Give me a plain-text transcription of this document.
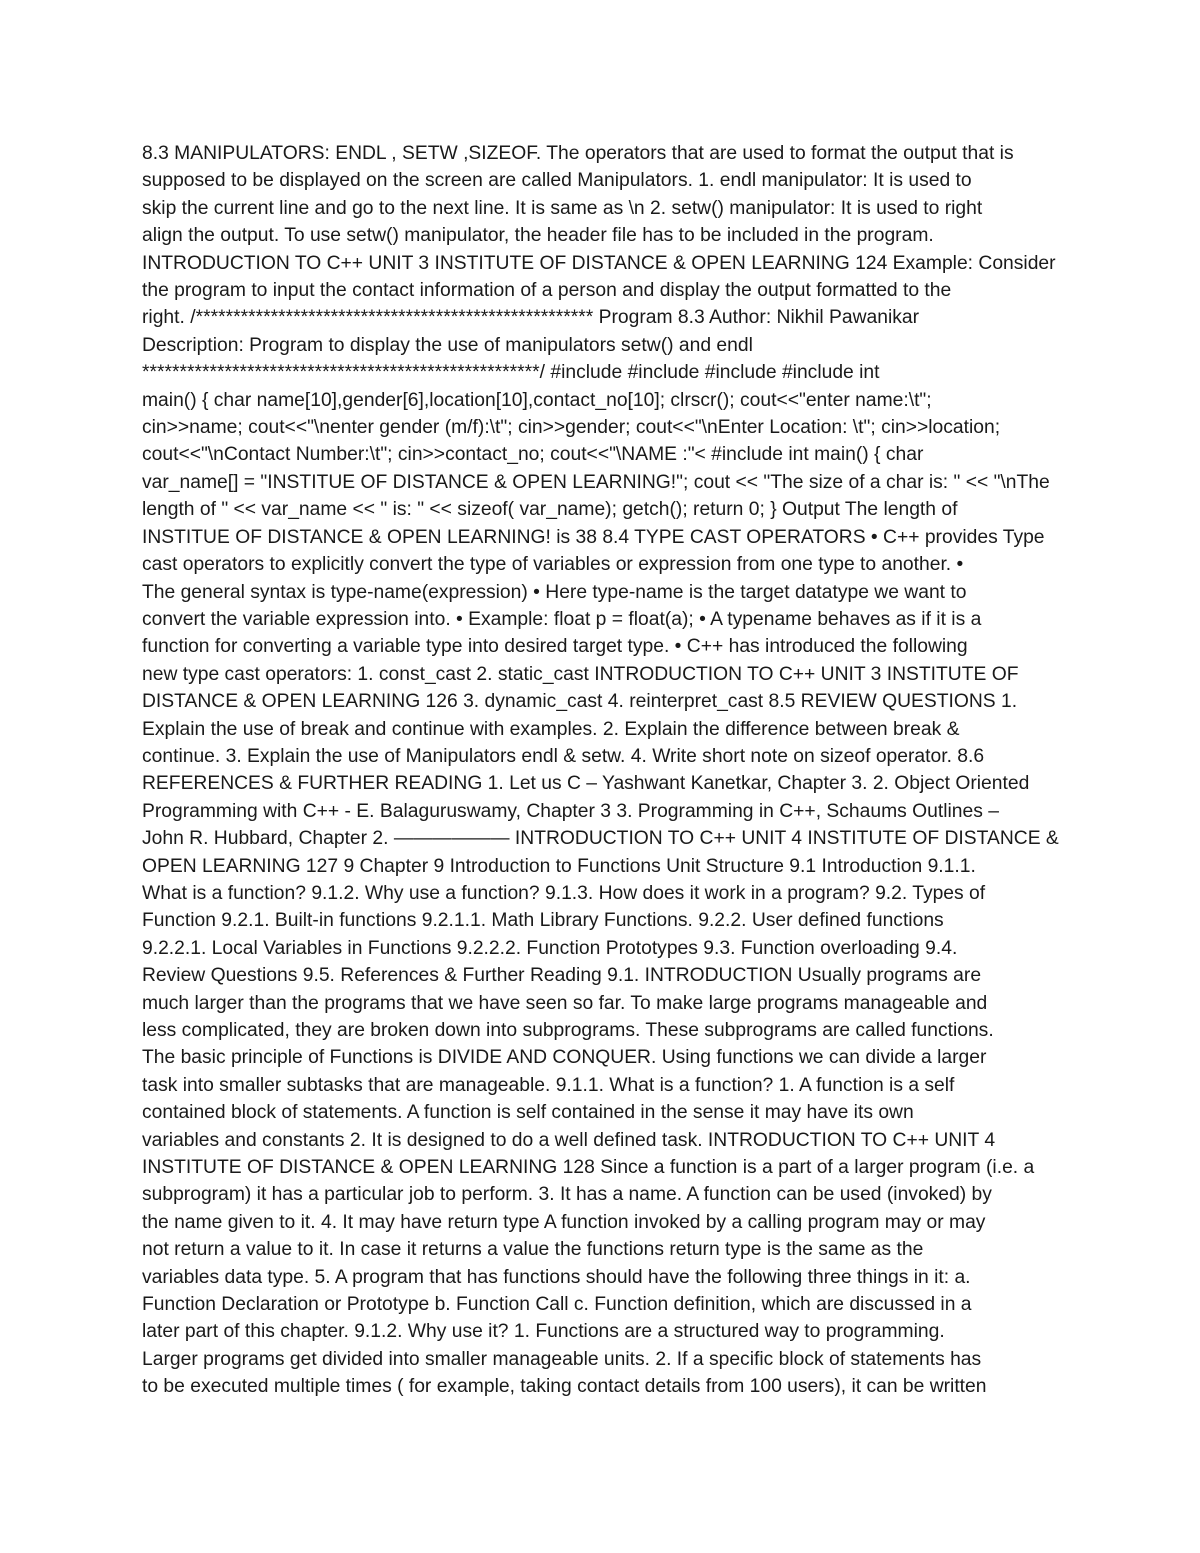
8.3 MANIPULATORS: ENDL , SETW ,SIZEOF. The operators that are used to format the output that is
supposed to be displayed on the screen are called Manipulators. 1. endl manipulator: It is used to
skip the current line and go to the next line. It is same as \n 2. setw() manipulator: It is used to right
align the output. To use setw() manipulator, the header file has to be included in the program.
INTRODUCTION TO C++ UNIT 3 INSTITUTE OF DISTANCE & OPEN LEARNING 124 Example: Consider
the program to input the contact information of a person and display the output formatted to the
right. /***************************************************** Program 8.3 Author: Nikhil Pawanikar
Description: Program to display the use of manipulators setw() and endl
*****************************************************/ #include #include #include #include int
main() { char name[10],gender[6],location[10],contact_no[10]; clrscr(); cout<<"enter name:\t";
cin>>name; cout<<"\nenter gender (m/f):\t"; cin>>gender; cout<<"\nEnter Location: \t"; cin>>location;
cout<<"\nContact Number:\t"; cin>>contact_no; cout<<"\NAME :"< #include int main() { char
var_name[] = "INSTITUE OF DISTANCE & OPEN LEARNING!"; cout << "The size of a char is: " << "\nThe
length of " << var_name << " is: " << sizeof( var_name); getch(); return 0; } Output The length of
INSTITUE OF DISTANCE & OPEN LEARNING! is 38 8.4 TYPE CAST OPERATORS • C++ provides Type
cast operators to explicitly convert the type of variables or expression from one type to another. •
The general syntax is type-name(expression) • Here type-name is the target datatype we want to
convert the variable expression into. • Example: float p = float(a); • A typename behaves as if it is a
function for converting a variable type into desired target type. • C++ has introduced the following
new type cast operators: 1. const_cast 2. static_cast INTRODUCTION TO C++ UNIT 3 INSTITUTE OF
DISTANCE & OPEN LEARNING 126 3. dynamic_cast 4. reinterpret_cast 8.5 REVIEW QUESTIONS 1.
Explain the use of break and continue with examples. 2. Explain the difference between break &
continue. 3. Explain the use of Manipulators endl & setw. 4. Write short note on sizeof operator. 8.6
REFERENCES & FURTHER READING 1. Let us C – Yashwant Kanetkar, Chapter 3. 2. Object Oriented
Programming with C++ - E. Balaguruswamy, Chapter 3 3. Programming in C++, Schaums Outlines –
John R. Hubbard, Chapter 2. —————— INTRODUCTION TO C++ UNIT 4 INSTITUTE OF DISTANCE &
OPEN LEARNING 127 9 Chapter 9 Introduction to Functions Unit Structure 9.1 Introduction 9.1.1.
What is a function? 9.1.2. Why use a function? 9.1.3. How does it work in a program? 9.2. Types of
Function 9.2.1. Built-in functions 9.2.1.1. Math Library Functions. 9.2.2. User defined functions
9.2.2.1. Local Variables in Functions 9.2.2.2. Function Prototypes 9.3. Function overloading 9.4.
Review Questions 9.5. References & Further Reading 9.1. INTRODUCTION Usually programs are
much larger than the programs that we have seen so far. To make large programs manageable and
less complicated, they are broken down into subprograms. These subprograms are called functions.
The basic principle of Functions is DIVIDE AND CONQUER. Using functions we can divide a larger
task into smaller subtasks that are manageable. 9.1.1. What is a function? 1. A function is a self
contained block of statements. A function is self contained in the sense it may have its own
variables and constants 2. It is designed to do a well defined task. INTRODUCTION TO C++ UNIT 4
INSTITUTE OF DISTANCE & OPEN LEARNING 128 Since a function is a part of a larger program (i.e. a
subprogram) it has a particular job to perform. 3. It has a name. A function can be used (invoked) by
the name given to it. 4. It may have return type A function invoked by a calling program may or may
not return a value to it. In case it returns a value the functions return type is the same as the
variables data type. 5. A program that has functions should have the following three things in it: a.
Function Declaration or Prototype b. Function Call c. Function definition, which are discussed in a
later part of this chapter. 9.1.2. Why use it? 1. Functions are a structured way to programming.
Larger programs get divided into smaller manageable units. 2. If a specific block of statements has
to be executed multiple times ( for example, taking contact details from 100 users), it can be written
